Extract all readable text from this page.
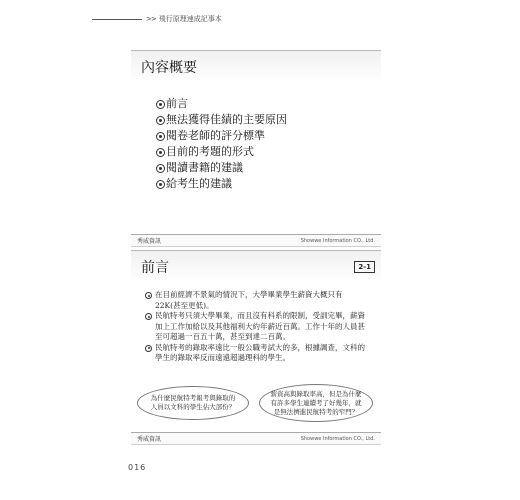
>> 飛行原理速成記事本
內容概要
前言
無法獲得佳績的主要原因
閱卷老師的評分標準
目前的考題的形式
閱讀書籍的建議
給考生的建議
秀威資訊	Showwe Information CO., Ltd.
前言	2-1
在目前經濟不景氣的情況下，大學畢業學生薪資大概只有22K(甚至更低)。
民航特考只須大學畢業，而且沒有科系的限制，受訓完畢，薪資加上工作加給以及其他福利大約年薪近百萬。工作十年的人員甚至可超過一百五十萬，甚至到達二百萬。
民航特考的錄取率遠比一般公職考試大的多，根據調查，文科的學生的錄取率反而遠遠超過理科的學生。
為什麼民航特考報考與錄取的人員以文科的學生佔大部份？
薪資高與錄取率高，但是為什麼有許多學生連續考了好幾年，就是無法擠進民航特考的窄門？
秀威資訊	Showwe Information CO., Ltd.
016
